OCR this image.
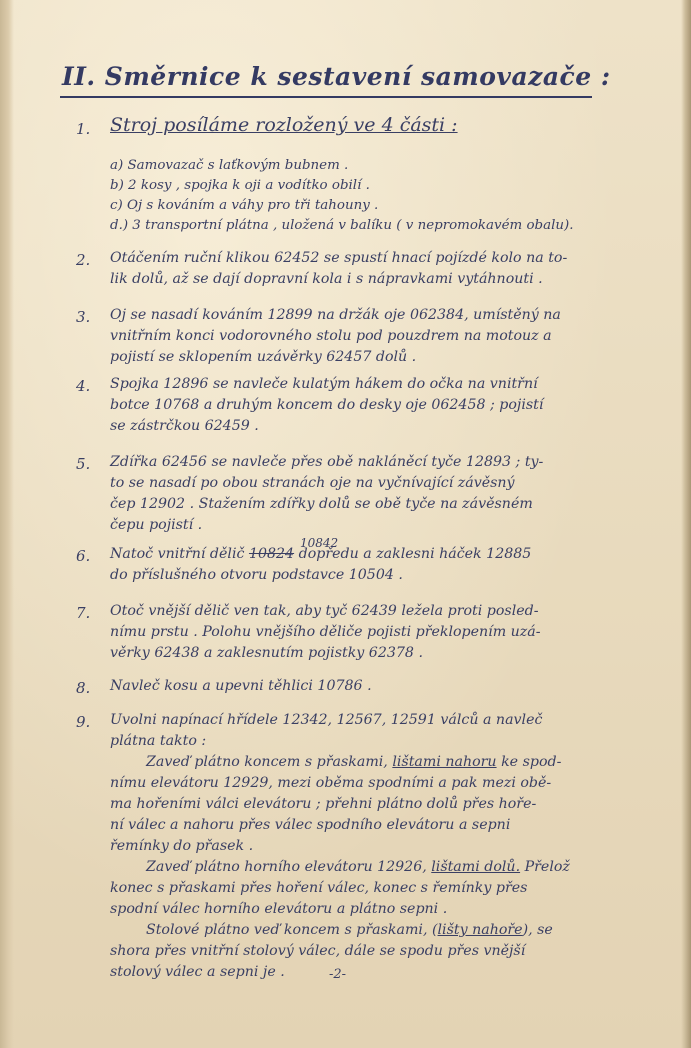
II. Směrnice k sestavení samovazače :
1. Stroj posíláme rozložený ve 4 části :

a) Samovazač s laťkovým bubnem .

b) 2 kosy , spojka k oji a vodítko obilí .

c) Oj s kováním a váhy pro tři tahouny .

d.) 3 transportní plátna , uložená v balíku ( v nepromokavém obalu).

2. Otáčením ruční klikou 62452 se spustí hnací pojízdé kolo na to-

lik dolů, až se dají dopravní kola i s nápravkami vytáhnouti .

3. Oj se nasadí kováním 12899 na držák oje 062384, umístěný na

vnitřním konci vodorovného stolu pod pouzdrem na motouz a

pojistí se sklopením uzávěrky 62457 dolů .

4. Spojka 12896 se navleče kulatým hákem do očka na vnitřní

botce 10768 a druhým koncem do desky oje 062458 ; pojistí

se zástrčkou 62459 .

5. Zdířka 62456 se navleče přes obě nakláněcí tyče 12893 ; ty-

to se nasadí po obou stranách oje na vyčnívající závěsný

čep 12902 . Stažením zdířky dolů se obě tyče na závěsném

čepu pojistí .

10842
6. Natoč vnitřní dělič 10824 dopředu a zaklesni háček 12885

do příslušného otvoru podstavce 10504 .

7. Otoč vnější dělič ven tak, aby tyč 62439 ležela proti posled-

nímu prstu . Polohu vnějšího děliče pojisti překlopením uzá-

věrky 62438 a zaklesnutím pojistky 62378 .

8. Navleč kosu a upevni těhlici 10786 .

9. Uvolni napínací hřídele 12342, 12567, 12591 válců a navleč

plátna takto :

Zaveď plátno koncem s přaskami, lištami nahoru ke spod-

nímu elevátoru 12929, mezi oběma spodními a pak mezi obě-

ma hořeními válci elevátoru ; přehni plátno dolů přes hoře-

ní válec a nahoru přes válec spodního elevátoru a sepni

řemínky do přasek .

Zaveď plátno horního elevátoru 12926, lištami dolů. Přelož

konec s přaskami přes hoření válec, konec s řemínky přes

spodní válec horního elevátoru a plátno sepni .

Stolové plátno veď koncem s přaskami, (lišty nahoře), se

shora přes vnitřní stolový válec, dále se spodu přes vnější

stolový válec a sepni je .	-2-
